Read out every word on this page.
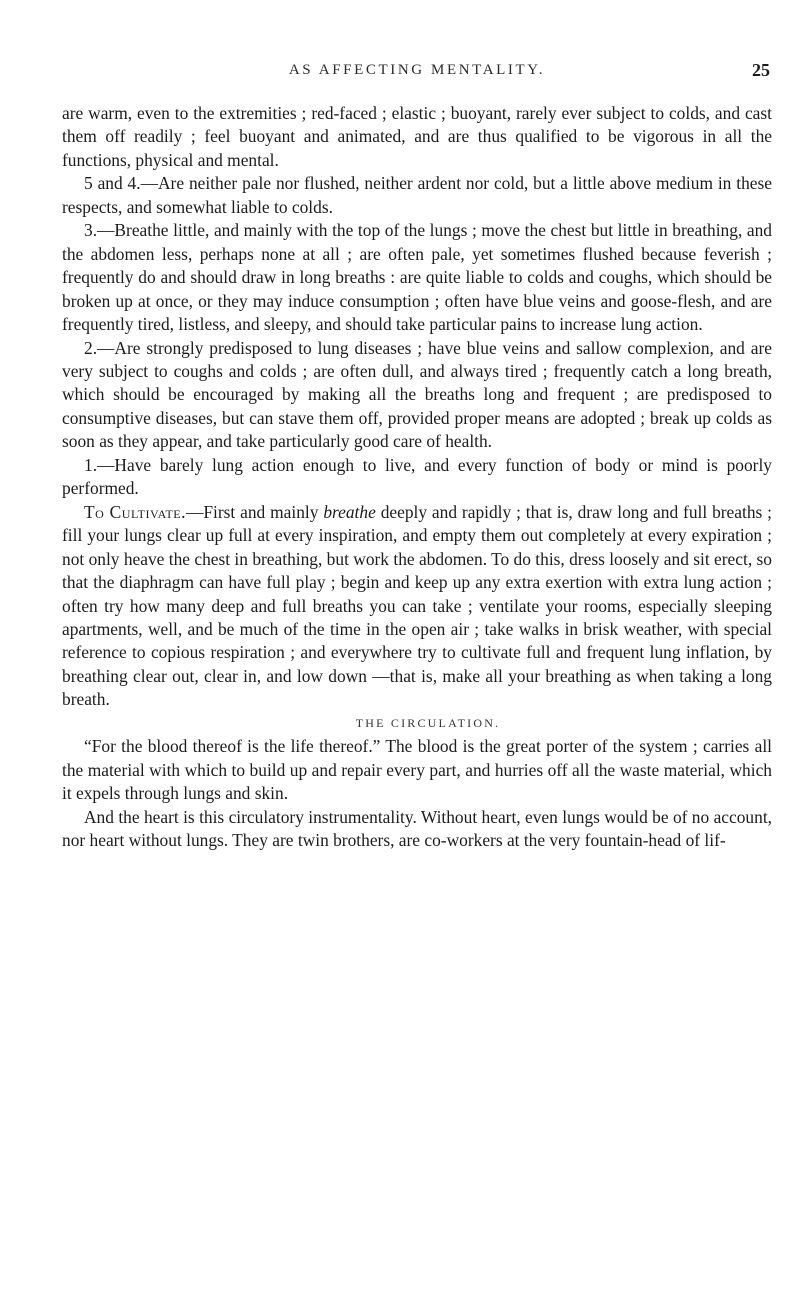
AS AFFECTING MENTALITY.	25

are warm, even to the extremities ; red-faced ; elastic ; buoyant, rarely ever subject to colds, and cast them off readily ; feel buoyant and animated, and are thus qualified to be vigorous in all the functions, physical and mental.

5 and 4.—Are neither pale nor flushed, neither ardent nor cold, but a little above medium in these respects, and somewhat liable to colds.

3.—Breathe little, and mainly with the top of the lungs ; move the chest but little in breathing, and the abdomen less, perhaps none at all ; are often pale, yet sometimes flushed because feverish ; frequently do and should draw in long breaths : are quite liable to colds and coughs, which should be broken up at once, or they may induce consumption ; often have blue veins and goose-flesh, and are frequently tired, listless, and sleepy, and should take particular pains to increase lung action.

2.—Are strongly predisposed to lung diseases ; have blue veins and sallow complexion, and are very subject to coughs and colds ; are often dull, and always tired ; frequently catch a long breath, which should be encouraged by making all the breaths long and frequent ; are predisposed to consumptive diseases, but can stave them off, provided proper means are adopted ; break up colds as soon as they appear, and take particularly good care of health.

1.—Have barely lung action enough to live, and every function of body or mind is poorly performed.

To Cultivate.—First and mainly breathe deeply and rapidly ; that is, draw long and full breaths ; fill your lungs clear up full at every inspiration, and empty them out completely at every expiration ; not only heave the chest in breathing, but work the abdomen. To do this, dress loosely and sit erect, so that the diaphragm can have full play ; begin and keep up any extra exertion with extra lung action ; often try how many deep and full breaths you can take ; ventilate your rooms, especially sleeping apartments, well, and be much of the time in the open air ; take walks in brisk weather, with special reference to copious respiration ; and everywhere try to cultivate full and frequent lung inflation, by breathing clear out, clear in, and low down —that is, make all your breathing as when taking a long breath.

THE CIRCULATION.

“For the blood thereof is the life thereof.” The blood is the great porter of the system ; carries all the material with which to build up and repair every part, and hurries off all the waste material, which it expels through lungs and skin.

And the heart is this circulatory instrumentality. Without heart, even lungs would be of no account, nor heart without lungs. They are twin brothers, are co-workers at the very fountain-head of lif-
